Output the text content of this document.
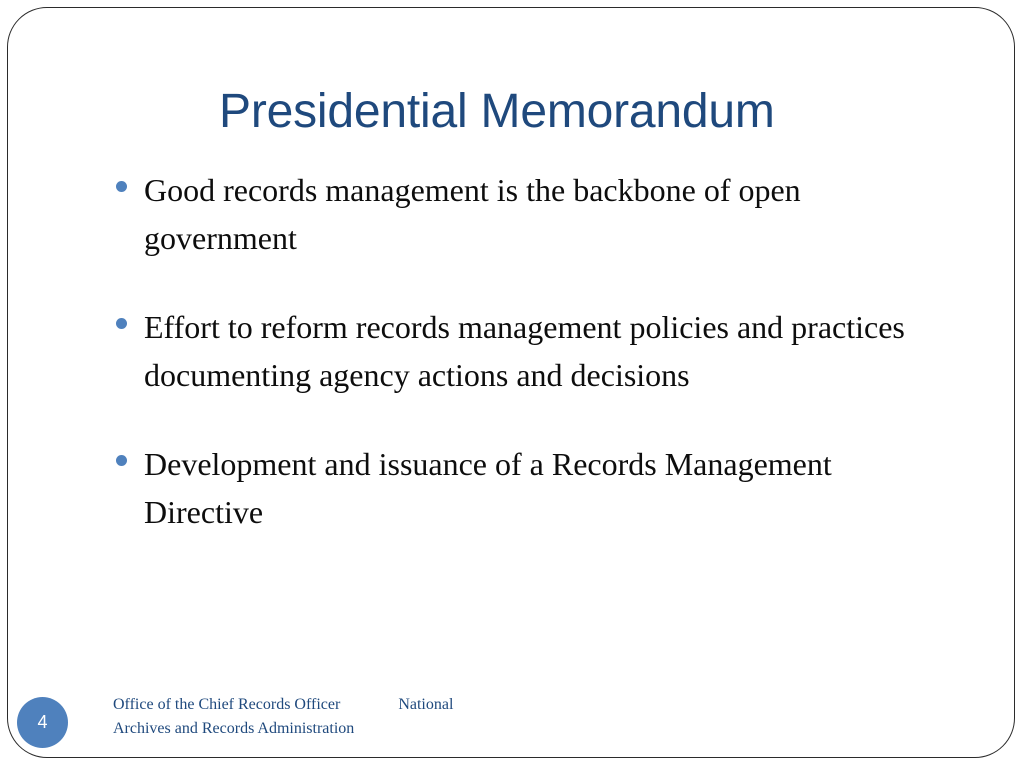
Presidential Memorandum
Good records management is the backbone of open government
Effort to reform records management policies and practices documenting agency actions and decisions
Development and issuance of a Records Management Directive
Office of the Chief Records Officer	National Archives and Records Administration
4
